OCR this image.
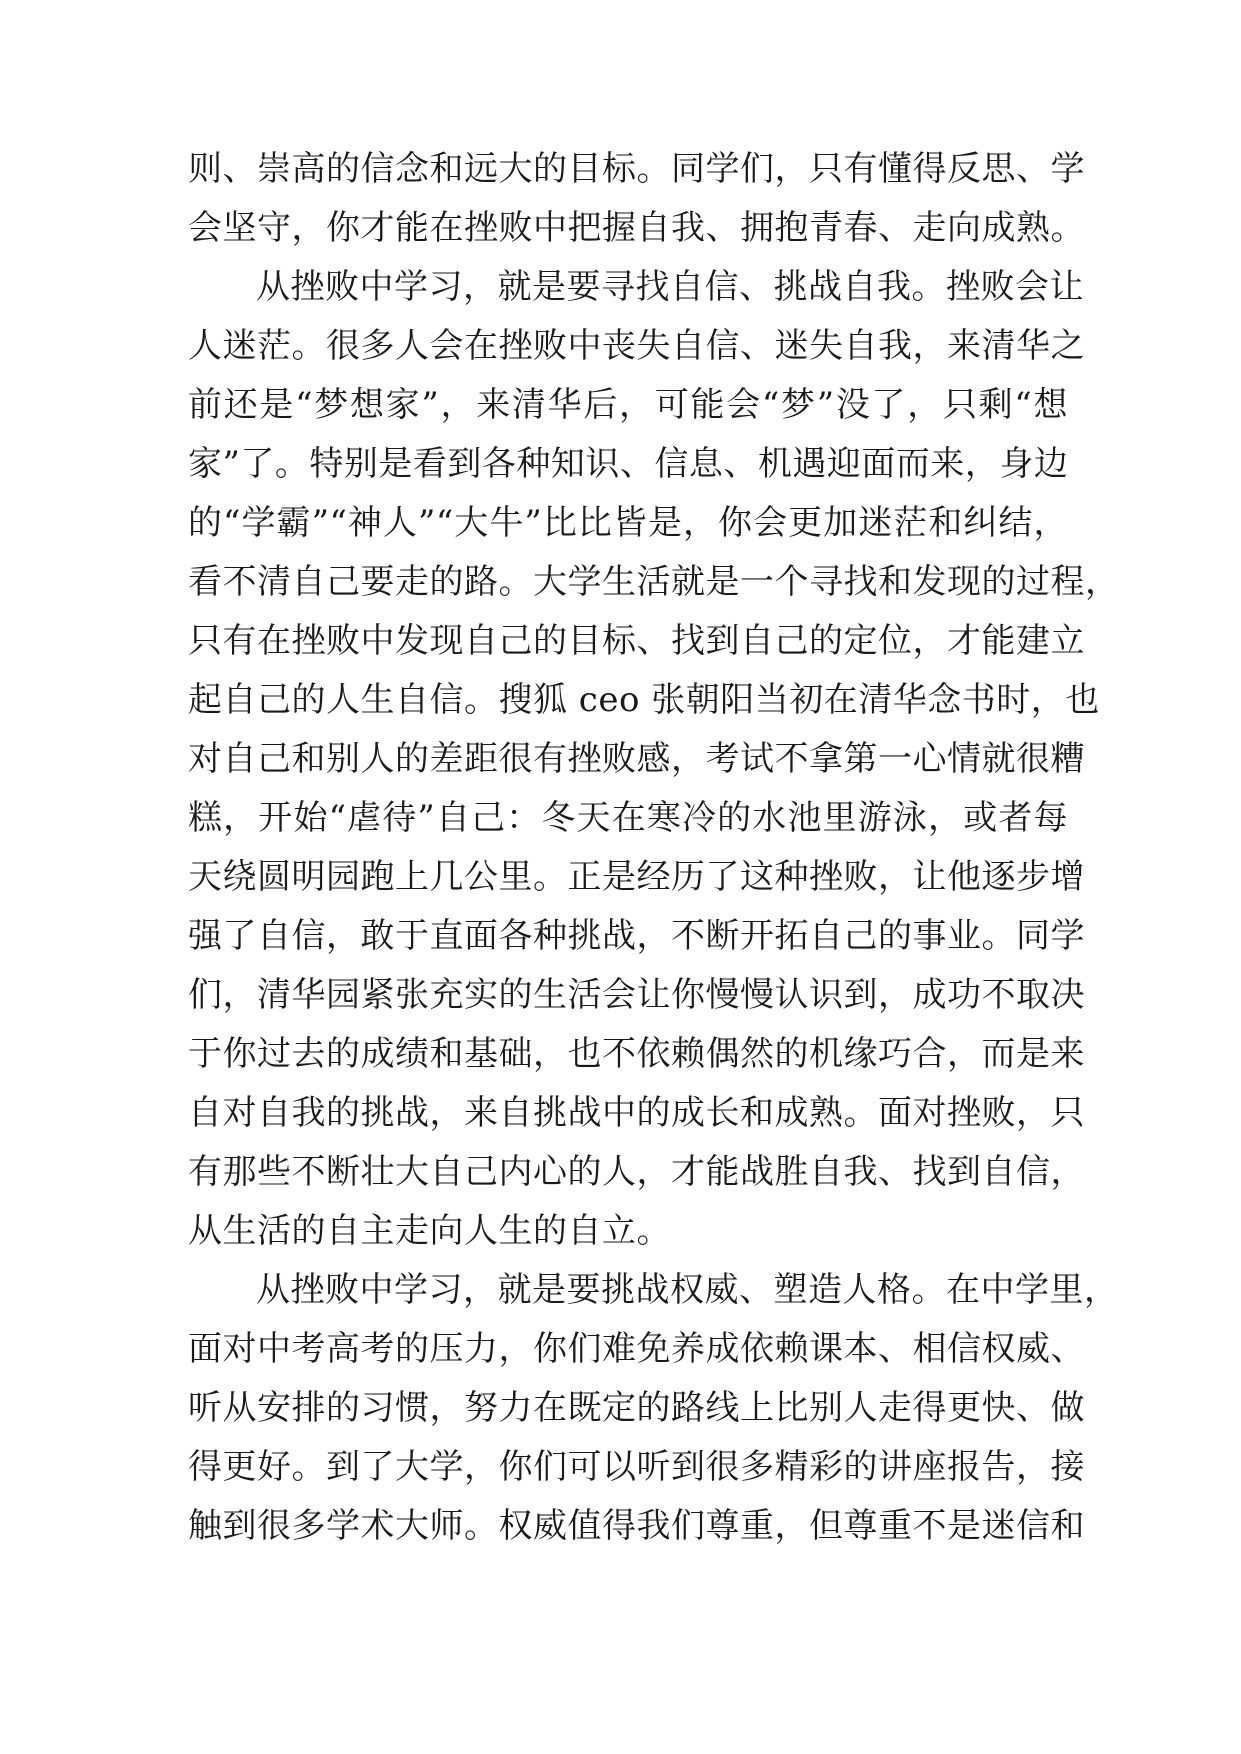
则、崇高的信念和远大的目标。同学们，只有懂得反思、学
会坚守，你才能在挫败中把握自我、拥抱青春、走向成熟。
从挫败中学习，就是要寻找自信、挑战自我。挫败会让
人迷茫。很多人会在挫败中丧失自信、迷失自我，来清华之
前还是“梦想家”，来清华后，可能会“梦”没了，只剩“想
家”了。特别是看到各种知识、信息、机遇迎面而来，身边
的“学霸”“神人”“大牛”比比皆是，你会更加迷茫和纠结，
看不清自己要走的路。大学生活就是一个寻找和发现的过程，
只有在挫败中发现自己的目标、找到自己的定位，才能建立
起自己的人生自信。搜狐 ceo 张朝阳当初在清华念书时，也
对自己和别人的差距很有挫败感，考试不拿第一心情就很糟
糕，开始“虐待”自己：冬天在寒冷的水池里游泳，或者每
天绕圆明园跑上几公里。正是经历了这种挫败，让他逐步增
强了自信，敢于直面各种挑战，不断开拓自己的事业。同学
们，清华园紧张充实的生活会让你慢慢认识到，成功不取决
于你过去的成绩和基础，也不依赖偶然的机缘巧合，而是来
自对自我的挑战，来自挑战中的成长和成熟。面对挫败，只
有那些不断壮大自己内心的人，才能战胜自我、找到自信，
从生活的自主走向人生的自立。
从挫败中学习，就是要挑战权威、塑造人格。在中学里，
面对中考高考的压力，你们难免养成依赖课本、相信权威、
听从安排的习惯，努力在既定的路线上比别人走得更快、做
得更好。到了大学，你们可以听到很多精彩的讲座报告，接
触到很多学术大师。权威值得我们尊重，但尊重不是迷信和
